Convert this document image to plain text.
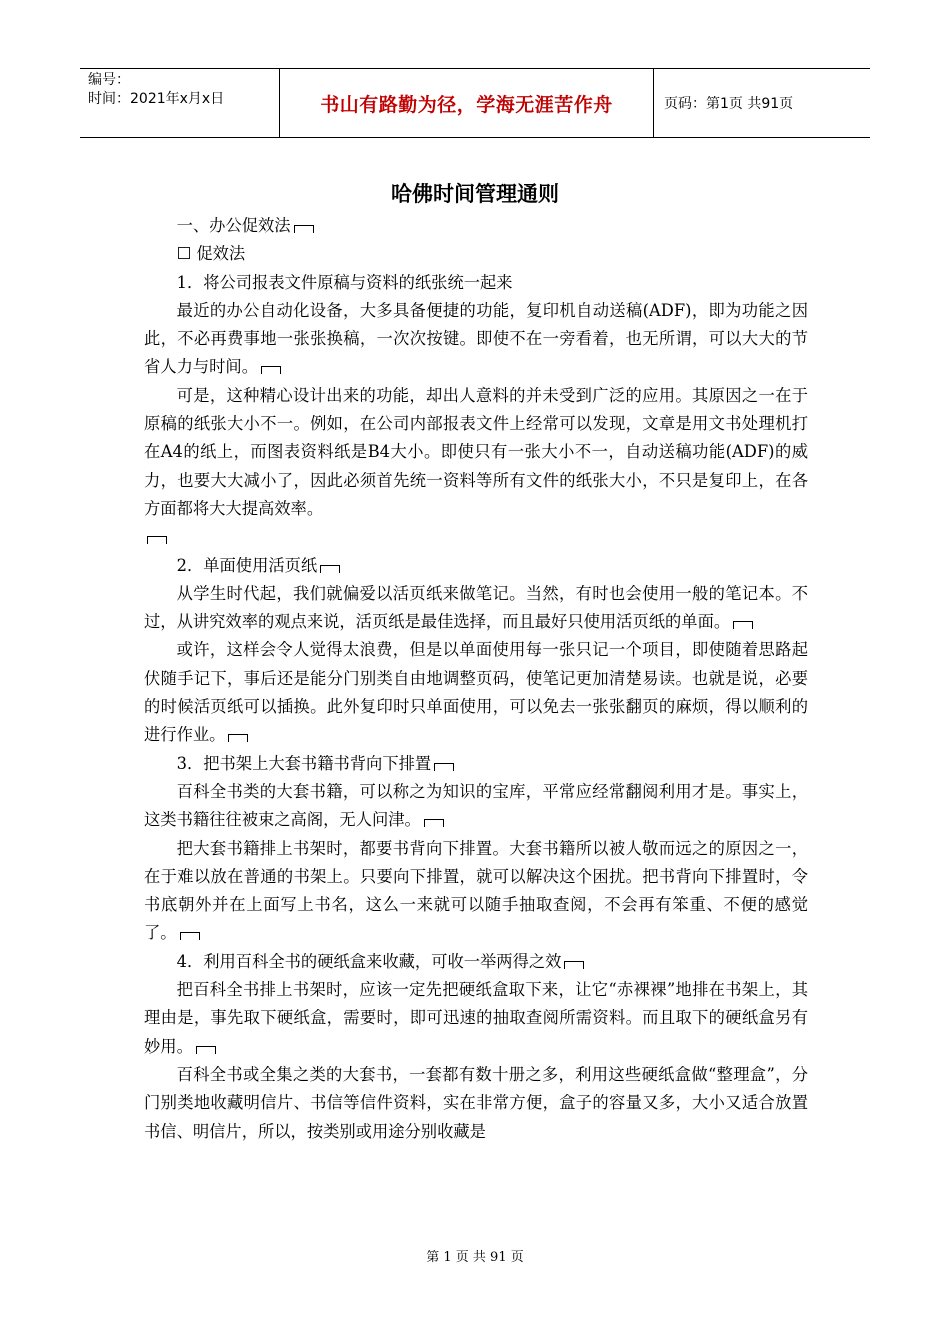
编号：
时间：2021年x月x日	书山有路勤为径，学海无涯苦作舟	页码：第1页 共91页
哈佛时间管理通则

一、办公促效法

☐ 促效法

1．将公司报表文件原稿与资料的纸张统一起来

最近的办公自动化设备，大多具备便捷的功能，复印机自动送稿(ADF)，即为功能之因此，不必再费事地一张张换稿，一次次按键。即使不在一旁看着，也无所谓，可以大大的节省人力与时间。

可是，这种精心设计出来的功能，却出人意料的并未受到广泛的应用。其原因之一在于原稿的纸张大小不一。例如，在公司内部报表文件上经常可以发现，文章是用文书处理机打在A4的纸上，而图表资料纸是B4大小。即使只有一张大小不一，自动送稿功能(ADF)的威力，也要大大减小了，因此必须首先统一资料等所有文件的纸张大小，不只是复印上，在各方面都将大大提高效率。

2．单面使用活页纸

从学生时代起，我们就偏爱以活页纸来做笔记。当然，有时也会使用一般的笔记本。不过，从讲究效率的观点来说，活页纸是最佳选择，而且最好只使用活页纸的单面。

或许，这样会令人觉得太浪费，但是以单面使用每一张只记一个项目，即使随着思路起伏随手记下，事后还是能分门别类自由地调整页码，使笔记更加清楚易读。也就是说，必要的时候活页纸可以插换。此外复印时只单面使用，可以免去一张张翻页的麻烦，得以顺利的进行作业。

3．把书架上大套书籍书背向下排置

百科全书类的大套书籍，可以称之为知识的宝库，平常应经常翻阅利用才是。事实上，这类书籍往往被束之高阁，无人问津。

把大套书籍排上书架时，都要书背向下排置。大套书籍所以被人敬而远之的原因之一，在于难以放在普通的书架上。只要向下排置，就可以解决这个困扰。把书背向下排置时，令书底朝外并在上面写上书名，这么一来就可以随手抽取查阅，不会再有笨重、不便的感觉了。

4．利用百科全书的硬纸盒来收藏，可收一举两得之效

把百科全书排上书架时，应该一定先把硬纸盒取下来，让它“赤裸裸”地排在书架上，其理由是，事先取下硬纸盒，需要时，即可迅速的抽取查阅所需资料。而且取下的硬纸盒另有妙用。

百科全书或全集之类的大套书，一套都有数十册之多，利用这些硬纸盒做“整理盒”，分门别类地收藏明信片、书信等信件资料，实在非常方便，盒子的容量又多，大小又适合放置书信、明信片，所以，按类别或用途分别收藏是

第 1 页 共 91 页
